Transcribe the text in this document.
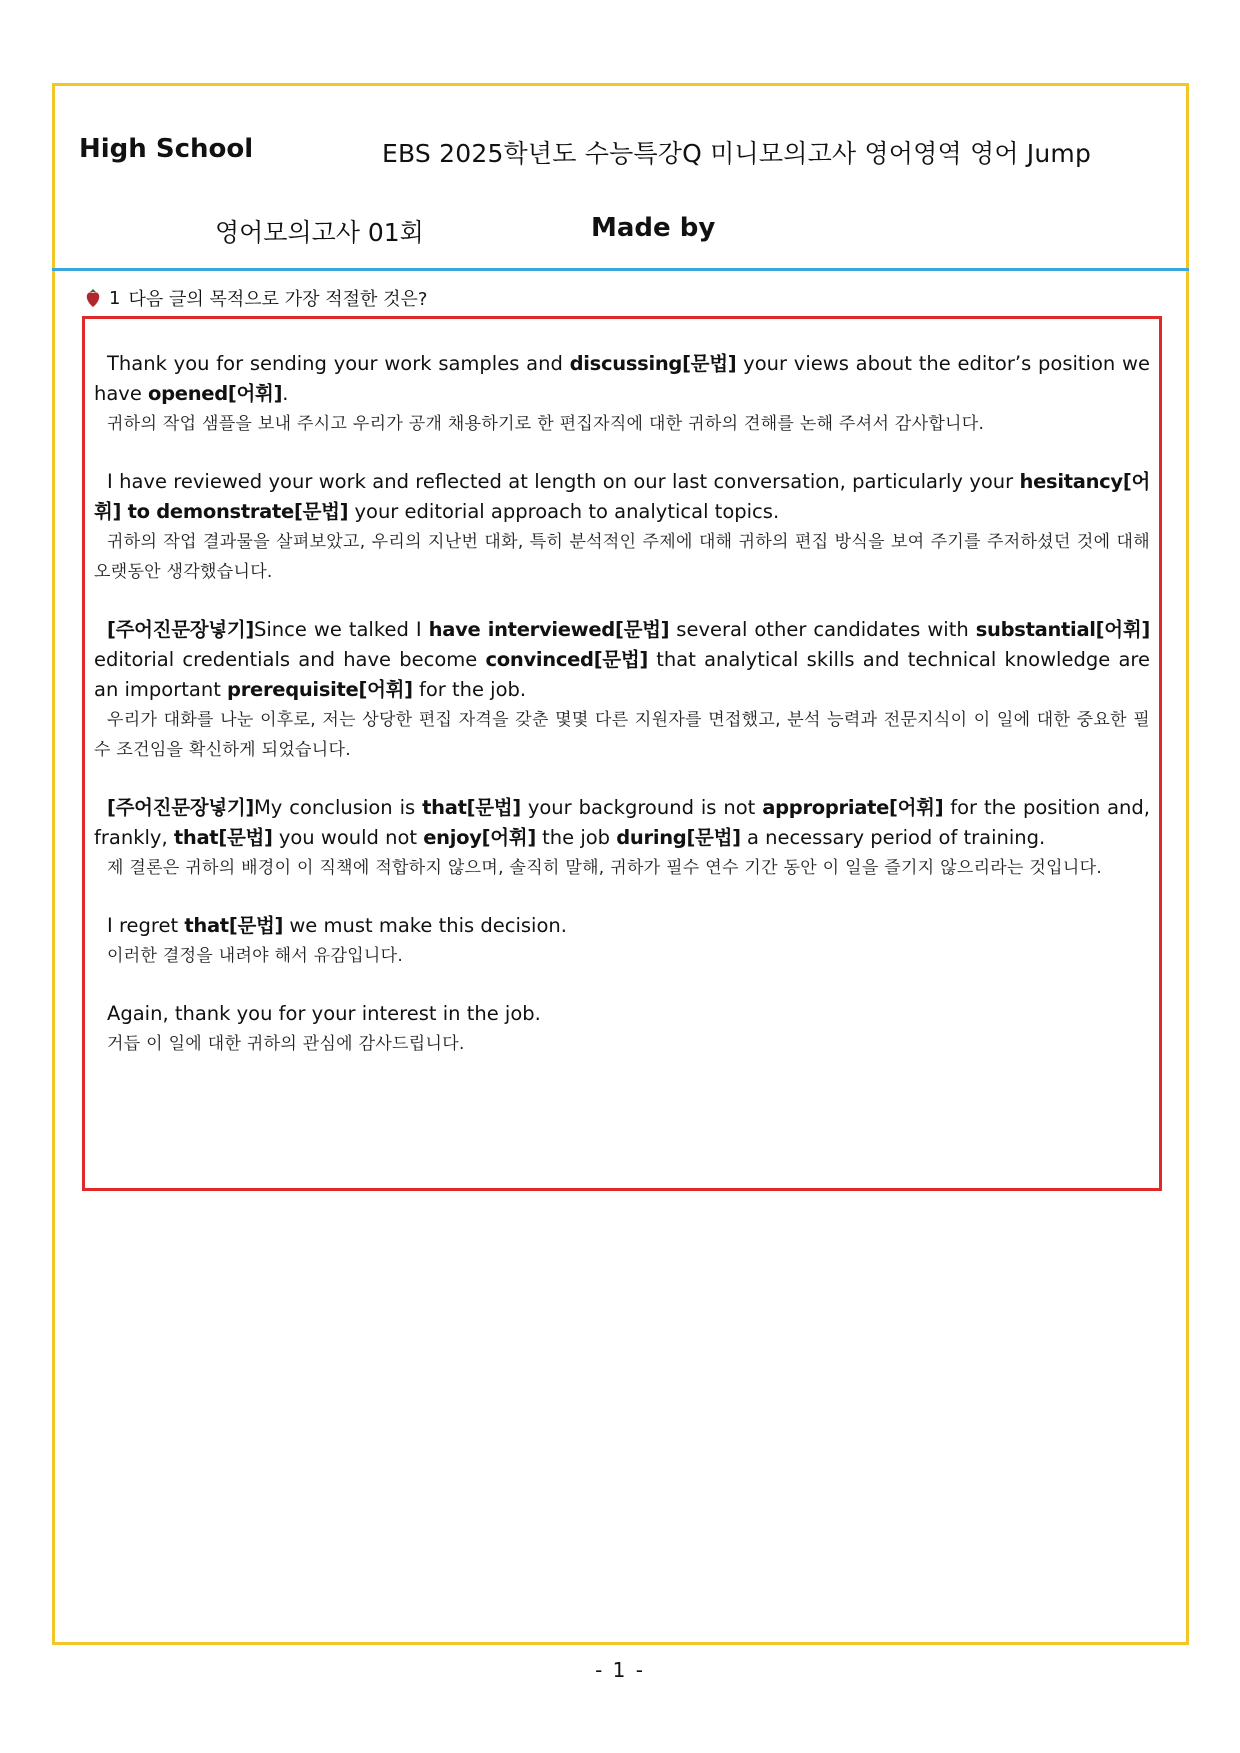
High School	EBS 2025학년도 수능특강Q 미니모의고사 영어영역 영어 Jump
영어모의고사 01회	Made by
1 다음 글의 목적으로 가장 적절한 것은?

Thank you for sending your work samples and discussing[문법] your views about the editor’s position we have opened[어휘].

귀하의 작업 샘플을 보내 주시고 우리가 공개 채용하기로 한 편집자직에 대한 귀하의 견해를 논해 주셔서 감사합니다.

I have reviewed your work and reflected at length on our last conversation, particularly your hesitancy[어휘] to demonstrate[문법] your editorial approach to analytical topics.

귀하의 작업 결과물을 살펴보았고, 우리의 지난번 대화, 특히 분석적인 주제에 대해 귀하의 편집 방식을 보여 주기를 주저하셨던 것에 대해 오랫동안 생각했습니다.

[주어진문장넣기]Since we talked I have interviewed[문법] several other candidates with substantial[어휘] editorial credentials and have become convinced[문법] that analytical skills and technical knowledge are an important prerequisite[어휘] for the job.

우리가 대화를 나눈 이후로, 저는 상당한 편집 자격을 갖춘 몇몇 다른 지원자를 면접했고, 분석 능력과 전문지식이 이 일에 대한 중요한 필수 조건임을 확신하게 되었습니다.

[주어진문장넣기]My conclusion is that[문법] your background is not appropriate[어휘] for the position and, frankly, that[문법] you would not enjoy[어휘] the job during[문법] a necessary period of training.

제 결론은 귀하의 배경이 이 직책에 적합하지 않으며, 솔직히 말해, 귀하가 필수 연수 기간 동안 이 일을 즐기지 않으리라는 것입니다.

I regret that[문법] we must make this decision.

이러한 결정을 내려야 해서 유감입니다.

Again, thank you for your interest in the job.

거듭 이 일에 대한 귀하의 관심에 감사드립니다.

- 1 -
